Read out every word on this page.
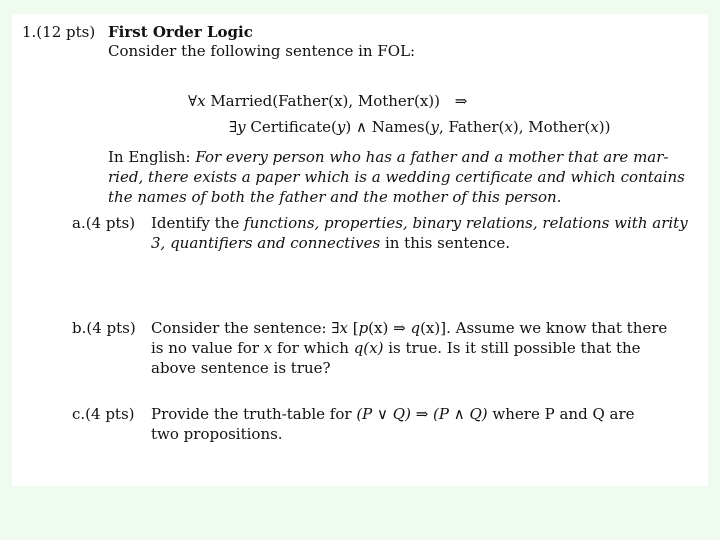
1.(12 pts) First Order Logic
Consider the following sentence in FOL:
∀x Married(Father(x), Mother(x)) ⇒
∃y Certificate(y) ∧ Names(y, Father(x), Mother(x))
In English: For every person who has a father and a mother that are mar-
ried, there exists a paper which is a wedding certificate and which contains
the names of both the father and the mother of this person.
a.(4 pts) Identify the functions, properties, binary relations, relations with arity
3, quantifiers and connectives in this sentence.
b.(4 pts) Consider the sentence: ∃x [p(x) ⇒ q(x)]. Assume we know that there
is no value for x for which q(x) is true. Is it still possible that the
above sentence is true?
c.(4 pts) Provide the truth-table for (P ∨ Q) ⇒ (P ∧ Q) where P and Q are
two propositions.
